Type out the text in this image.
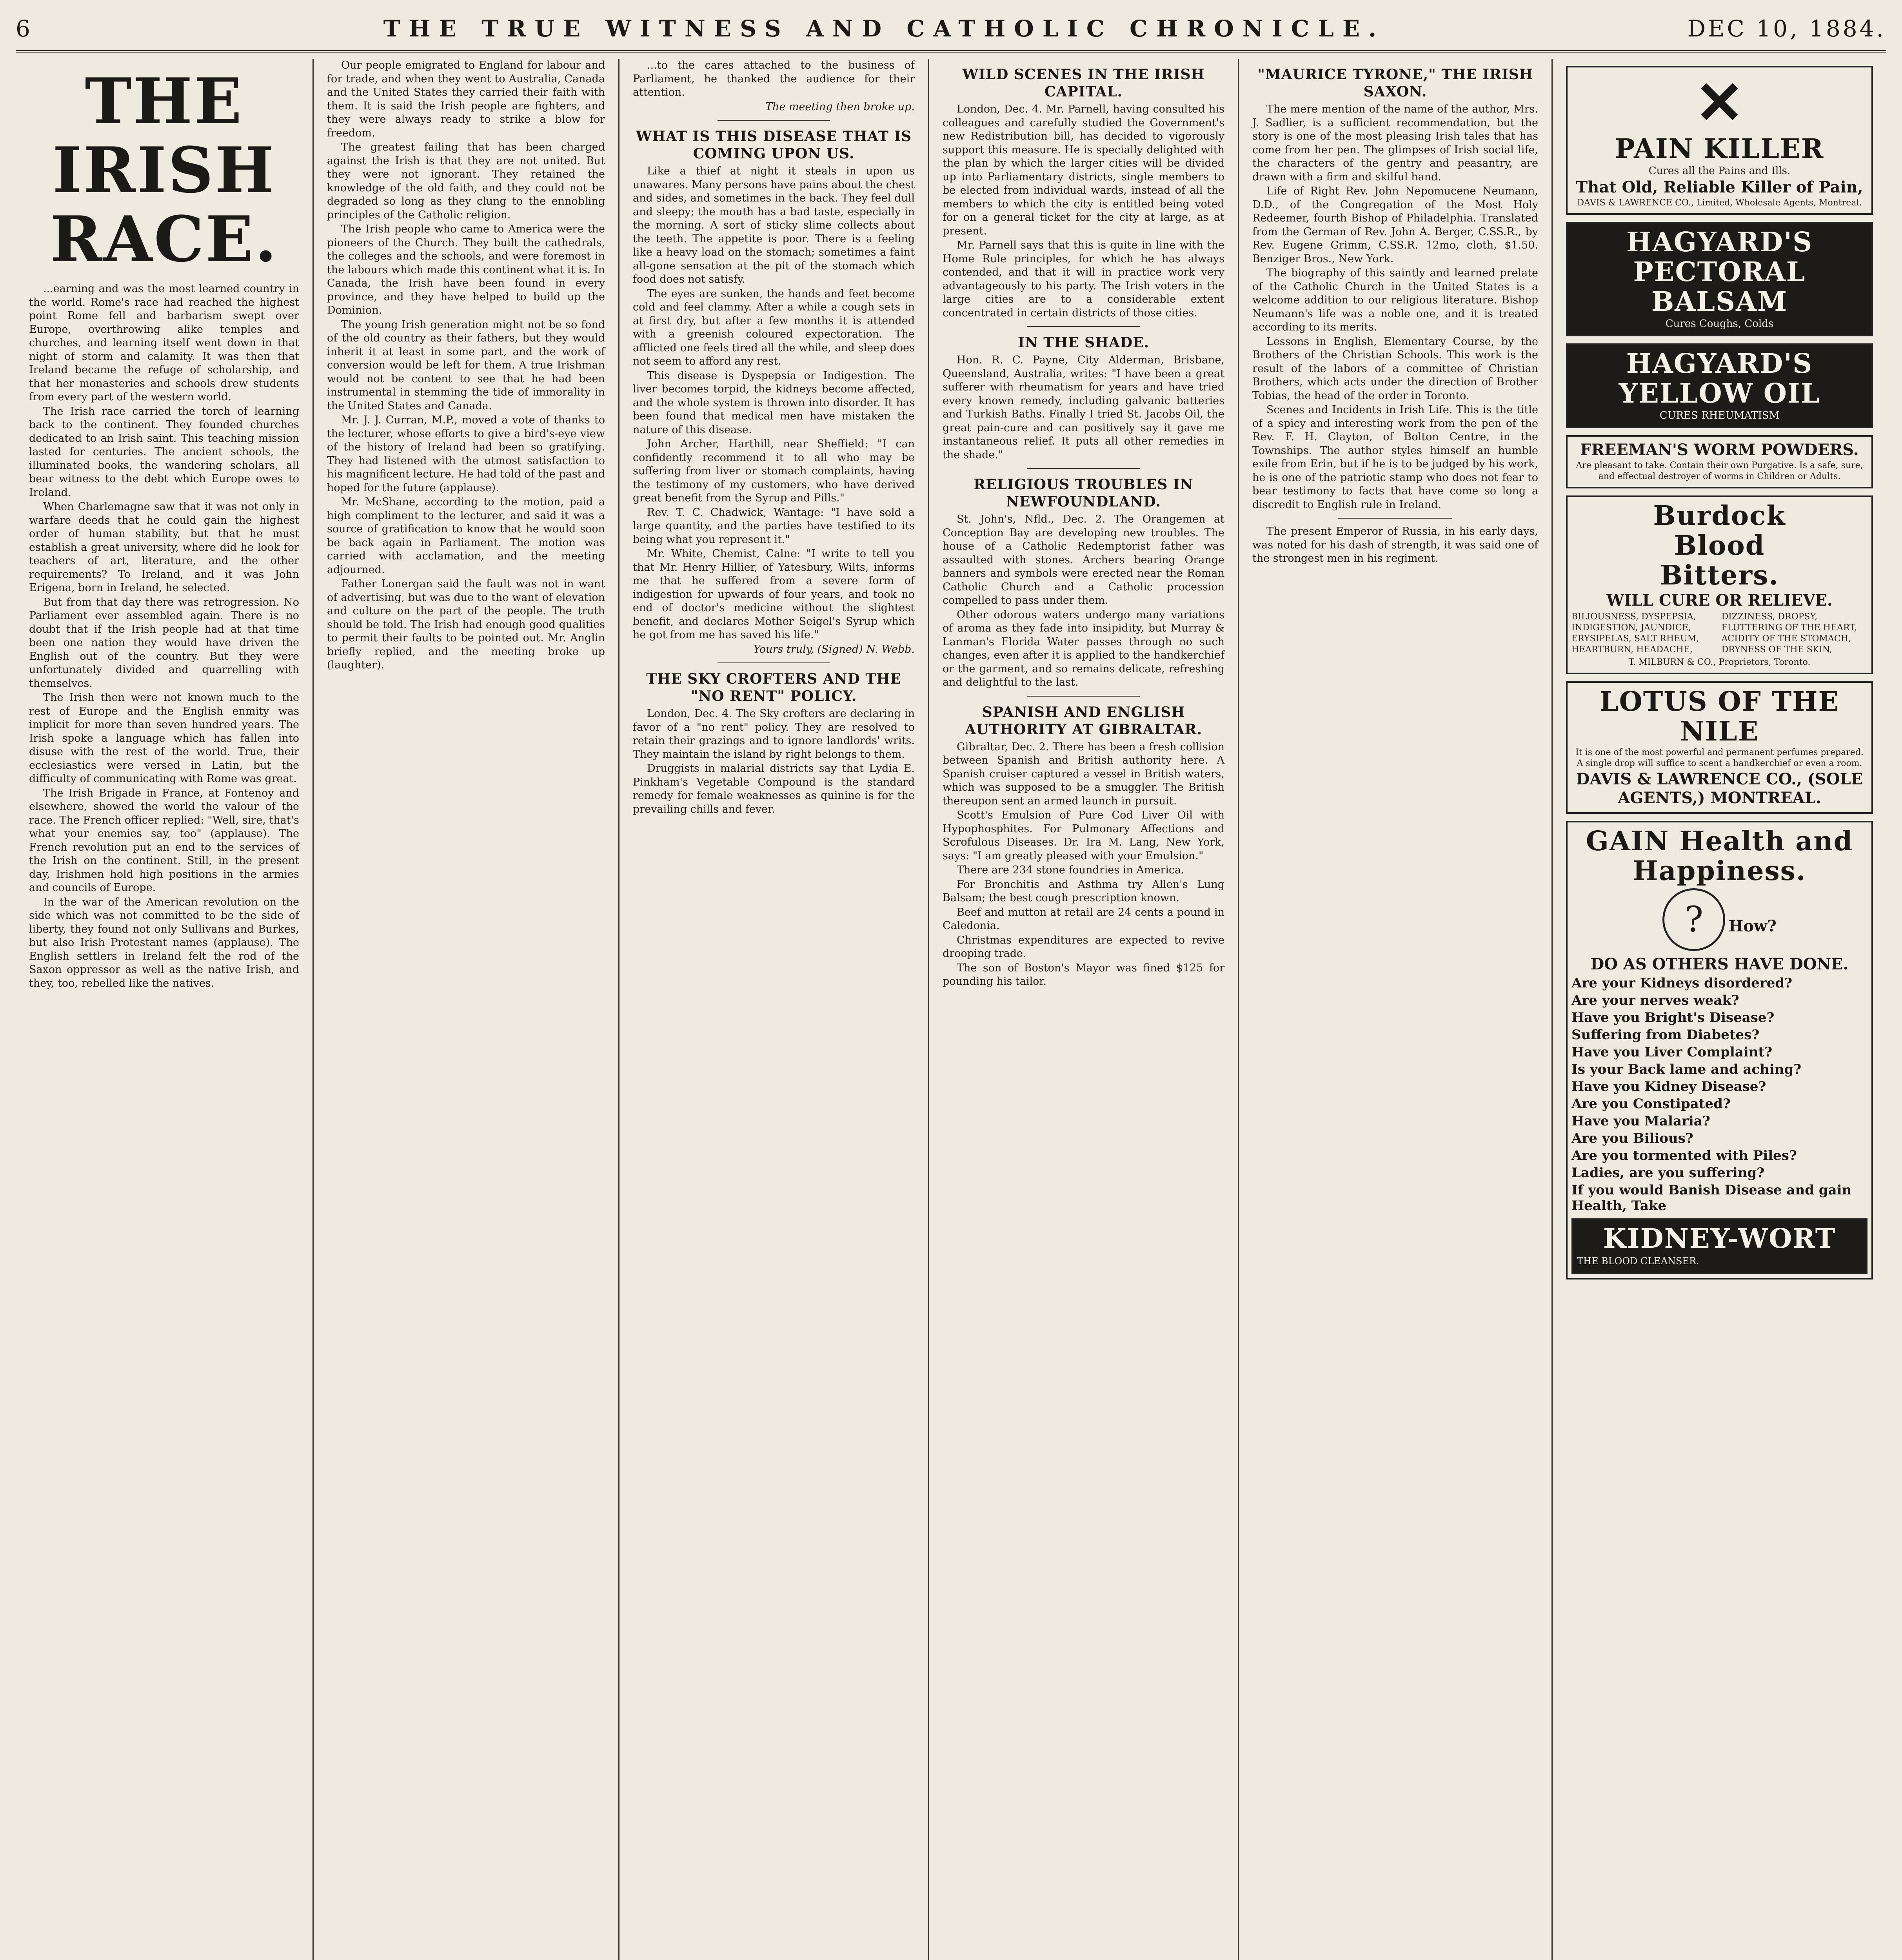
6	THE TRUE WITNESS AND CATHOLIC CHRONICLE.	DEC 10, 1884.
THE IRISH RACE.

...earning and was the most learned country in the world. Rome's race had reached the highest point Rome fell and barbarism swept over Europe, overthrowing alike temples and churches, and learning itself went down in that night of storm and calamity. It was then that Ireland became the refuge of scholarship, and that her monasteries and schools drew students from every part of the western world.

The Irish race carried the torch of learning back to the continent. They founded churches dedicated to an Irish saint. This teaching mission lasted for centuries. The ancient schools, the illuminated books, the wandering scholars, all bear witness to the debt which Europe owes to Ireland.

When Charlemagne saw that it was not only in warfare deeds that he could gain the highest order of human stability, but that he must establish a great university, where did he look for teachers of art, literature, and the other requirements? To Ireland, and it was John Erigena, born in Ireland, he selected.

But from that day there was retrogression. No Parliament ever assembled again. There is no doubt that if the Irish people had at that time been one nation they would have driven the English out of the country. But they were unfortunately divided and quarrelling with themselves.

The Irish then were not known much to the rest of Europe and the English enmity was implicit for more than seven hundred years. The Irish spoke a language which has fallen into disuse with the rest of the world. True, their ecclesiastics were versed in Latin, but the difficulty of communicating with Rome was great.

The Irish Brigade in France, at Fontenoy and elsewhere, showed the world the valour of the race. The French officer replied: "Well, sire, that's what your enemies say, too" (applause). The French revolution put an end to the services of the Irish on the continent. Still, in the present day, Irishmen hold high positions in the armies and councils of Europe.

In the war of the American revolution on the side which was not committed to be the side of liberty, they found not only Sullivans and Burkes, but also Irish Protestant names (applause). The English settlers in Ireland felt the rod of the Saxon oppressor as well as the native Irish, and they, too, rebelled like the natives.

Our people emigrated to England for labour and for trade, and when they went to Australia, Canada and the United States they carried their faith with them. It is said the Irish people are fighters, and they were always ready to strike a blow for freedom.

The greatest failing that has been charged against the Irish is that they are not united. But they were not ignorant. They retained the knowledge of the old faith, and they could not be degraded so long as they clung to the ennobling principles of the Catholic religion.

The Irish people who came to America were the pioneers of the Church. They built the cathedrals, the colleges and the schools, and were foremost in the labours which made this continent what it is. In Canada, the Irish have been found in every province, and they have helped to build up the Dominion.

The young Irish generation might not be so fond of the old country as their fathers, but they would inherit it at least in some part, and the work of conversion would be left for them. A true Irishman would not be content to see that he had been instrumental in stemming the tide of immorality in the United States and Canada.

Mr. J. J. Curran, M.P., moved a vote of thanks to the lecturer, whose efforts to give a bird's-eye view of the history of Ireland had been so gratifying. They had listened with the utmost satisfaction to his magnificent lecture. He had told of the past and hoped for the future (applause).

Mr. McShane, according to the motion, paid a high compliment to the lecturer, and said it was a source of gratification to know that he would soon be back again in Parliament. The motion was carried with acclamation, and the meeting adjourned.

Father Lonergan said the fault was not in want of advertising, but was due to the want of elevation and culture on the part of the people. The truth should be told. The Irish had enough good qualities to permit their faults to be pointed out. Mr. Anglin briefly replied, and the meeting broke up (laughter).

...to the cares attached to the business of Parliament, he thanked the audience for their attention.

The meeting then broke up.

WHAT IS THIS DISEASE THAT IS COMING UPON US.

Like a thief at night it steals in upon us unawares. Many persons have pains about the chest and sides, and sometimes in the back. They feel dull and sleepy; the mouth has a bad taste, especially in the morning. A sort of sticky slime collects about the teeth. The appetite is poor. There is a feeling like a heavy load on the stomach; sometimes a faint all-gone sensation at the pit of the stomach which food does not satisfy.

The eyes are sunken, the hands and feet become cold and feel clammy. After a while a cough sets in at first dry, but after a few months it is attended with a greenish coloured expectoration. The afflicted one feels tired all the while, and sleep does not seem to afford any rest.

This disease is Dyspepsia or Indigestion. The liver becomes torpid, the kidneys become affected, and the whole system is thrown into disorder. It has been found that medical men have mistaken the nature of this disease.

John Archer, Harthill, near Sheffield: "I can confidently recommend it to all who may be suffering from liver or stomach complaints, having the testimony of my customers, who have derived great benefit from the Syrup and Pills."

Rev. T. C. Chadwick, Wantage: "I have sold a large quantity, and the parties have testified to its being what you represent it."

Mr. White, Chemist, Calne: "I write to tell you that Mr. Henry Hillier, of Yatesbury, Wilts, informs me that he suffered from a severe form of indigestion for upwards of four years, and took no end of doctor's medicine without the slightest benefit, and declares Mother Seigel's Syrup which he got from me has saved his life."

Yours truly, (Signed) N. Webb.

THE SKY CROFTERS AND THE "NO RENT" POLICY.

London, Dec. 4. The Sky crofters are declaring in favor of a "no rent" policy. They are resolved to retain their grazings and to ignore landlords' writs. They maintain the island by right belongs to them.

Druggists in malarial districts say that Lydia E. Pinkham's Vegetable Compound is the standard remedy for female weaknesses as quinine is for the prevailing chills and fever.

WILD SCENES IN THE IRISH CAPITAL.

London, Dec. 4. Mr. Parnell, having consulted his colleagues and carefully studied the Government's new Redistribution bill, has decided to vigorously support this measure. He is specially delighted with the plan by which the larger cities will be divided up into Parliamentary districts, single members to be elected from individual wards, instead of all the members to which the city is entitled being voted for on a general ticket for the city at large, as at present.

Mr. Parnell says that this is quite in line with the Home Rule principles, for which he has always contended, and that it will in practice work very advantageously to his party. The Irish voters in the large cities are to a considerable extent concentrated in certain districts of those cities.

IN THE SHADE.

Hon. R. C. Payne, City Alderman, Brisbane, Queensland, Australia, writes: "I have been a great sufferer with rheumatism for years and have tried every known remedy, including galvanic batteries and Turkish Baths. Finally I tried St. Jacobs Oil, the great pain-cure and can positively say it gave me instantaneous relief. It puts all other remedies in the shade."

RELIGIOUS TROUBLES IN NEWFOUNDLAND.

St. John's, Nfld., Dec. 2. The Orangemen at Conception Bay are developing new troubles. The house of a Catholic Redemptorist father was assaulted with stones. Archers bearing Orange banners and symbols were erected near the Roman Catholic Church and a Catholic procession compelled to pass under them.

Other odorous waters undergo many variations of aroma as they fade into insipidity, but Murray & Lanman's Florida Water passes through no such changes, even after it is applied to the handkerchief or the garment, and so remains delicate, refreshing and delightful to the last.

SPANISH AND ENGLISH AUTHORITY AT GIBRALTAR.

Gibraltar, Dec. 2. There has been a fresh collision between Spanish and British authority here. A Spanish cruiser captured a vessel in British waters, which was supposed to be a smuggler. The British thereupon sent an armed launch in pursuit.

Scott's Emulsion of Pure Cod Liver Oil with Hypophosphites. For Pulmonary Affections and Scrofulous Diseases. Dr. Ira M. Lang, New York, says: "I am greatly pleased with your Emulsion."

There are 234 stone foundries in America.

For Bronchitis and Asthma try Allen's Lung Balsam; the best cough prescription known.

Beef and mutton at retail are 24 cents a pound in Caledonia.

Christmas expenditures are expected to revive drooping trade.

The son of Boston's Mayor was fined $125 for pounding his tailor.

"MAURICE TYRONE," THE IRISH SAXON.

The mere mention of the name of the author, Mrs. J. Sadlier, is a sufficient recommendation, but the story is one of the most pleasing Irish tales that has come from her pen. The glimpses of Irish social life, the characters of the gentry and peasantry, are drawn with a firm and skilful hand.

Life of Right Rev. John Nepomucene Neumann, D.D., of the Congregation of the Most Holy Redeemer, fourth Bishop of Philadelphia. Translated from the German of Rev. John A. Berger, C.SS.R., by Rev. Eugene Grimm, C.SS.R. 12mo, cloth, $1.50. Benziger Bros., New York.

The biography of this saintly and learned prelate of the Catholic Church in the United States is a welcome addition to our religious literature. Bishop Neumann's life was a noble one, and it is treated according to its merits.

Lessons in English, Elementary Course, by the Brothers of the Christian Schools. This work is the result of the labors of a committee of Christian Brothers, which acts under the direction of Brother Tobias, the head of the order in Toronto.

Scenes and Incidents in Irish Life. This is the title of a spicy and interesting work from the pen of the Rev. F. H. Clayton, of Bolton Centre, in the Townships. The author styles himself an humble exile from Erin, but if he is to be judged by his work, he is one of the patriotic stamp who does not fear to bear testimony to facts that have come so long a discredit to English rule in Ireland.

The present Emperor of Russia, in his early days, was noted for his dash of strength, it was said one of the strongest men in his regiment.

✕
PAIN KILLER

Cures all the Pains and Ills.

That Old, Reliable Killer of Pain,

DAVIS & LAWRENCE CO., Limited, Wholesale Agents, Montreal.

HAGYARD'S PECTORAL BALSAM

Cures Coughs, Colds

HAGYARD'S YELLOW OIL

CURES RHEUMATISM

FREEMAN'S WORM POWDERS.

Are pleasant to take. Contain their own Purgative. Is a safe, sure, and effectual destroyer of worms in Children or Adults.

Burdock
Blood
Bitters.

WILL CURE OR RELIEVE.

BILIOUSNESS, DYSPEPSIA, INDIGESTION, JAUNDICE, ERYSIPELAS, SALT RHEUM, HEARTBURN, HEADACHE,

DIZZINESS, DROPSY, FLUTTERING OF THE HEART, ACIDITY OF THE STOMACH, DRYNESS OF THE SKIN,

T. MILBURN & CO., Proprietors, Toronto.

LOTUS OF THE NILE

It is one of the most powerful and permanent perfumes prepared. A single drop will suffice to scent a handkerchief or even a room.

DAVIS & LAWRENCE CO., (SOLE AGENTS,) MONTREAL.

GAIN Health and Happiness.
? How?

DO AS OTHERS HAVE DONE.

Are your Kidneys disordered?

Are your nerves weak?

Have you Bright's Disease?

Suffering from Diabetes?

Have you Liver Complaint?

Is your Back lame and aching?

Have you Kidney Disease?

Are you Constipated?

Have you Malaria?

Are you Bilious?

Are you tormented with Piles?

Ladies, are you suffering?

If you would Banish Disease and gain Health, Take

KIDNEY-WORT

THE BLOOD CLEANSER.
